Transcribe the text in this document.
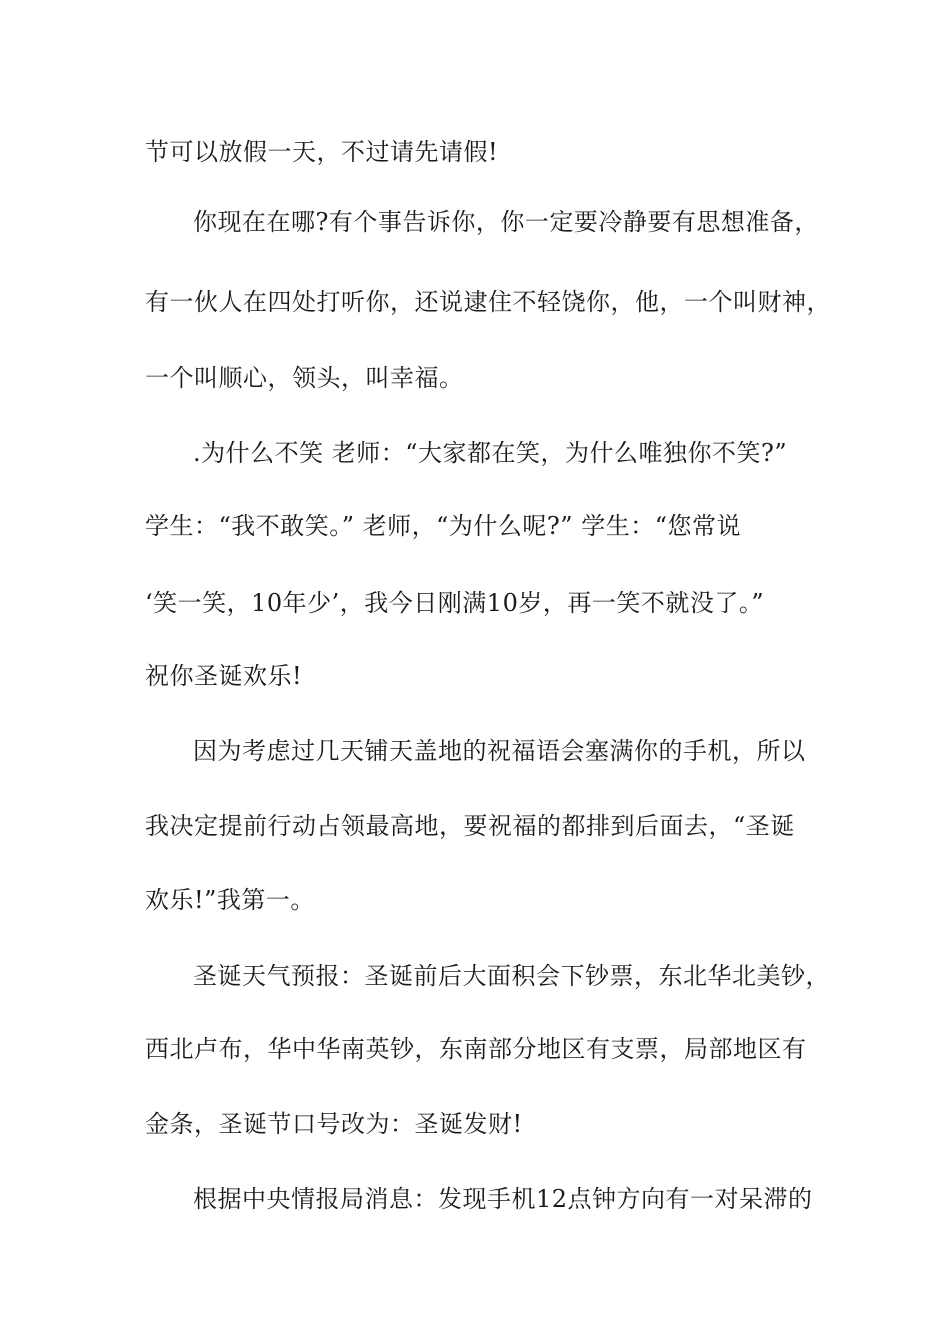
节可以放假一天，不过请先请假!
你现在在哪?有个事告诉你，你一定要冷静要有思想准备，
有一伙人在四处打听你，还说逮住不轻饶你，他，一个叫财神，
一个叫顺心，领头，叫幸福。
.为什么不笑 老师：“大家都在笑，为什么唯独你不笑?”
学生：“我不敢笑。” 老师，“为什么呢?” 学生：“您常说
‘笑一笑，10年少’，我今日刚满10岁，再一笑不就没了。”
祝你圣诞欢乐!
因为考虑过几天铺天盖地的祝福语会塞满你的手机，所以
我决定提前行动占领最高地，要祝福的都排到后面去，“圣诞
欢乐!”我第一。
圣诞天气预报：圣诞前后大面积会下钞票，东北华北美钞，
西北卢布，华中华南英钞，东南部分地区有支票，局部地区有
金条，圣诞节口号改为：圣诞发财!
根据中央情报局消息：发现手机12点钟方向有一对呆滞的
